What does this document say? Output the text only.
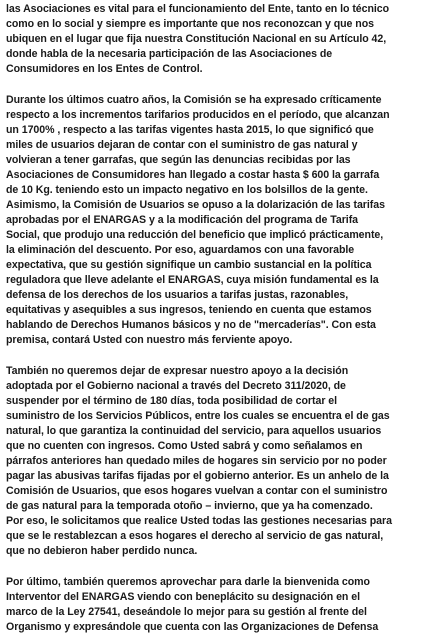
las Asociaciones es vital para el funcionamiento del Ente, tanto en lo técnico
como en lo social y siempre es importante que nos reconozcan y que nos
ubiquen en el lugar que fija nuestra Constitución Nacional en su Artículo 42,
donde habla de la necesaria participación de las Asociaciones de
Consumidores en los Entes de Control.

Durante los últimos cuatro años, la Comisión se ha expresado críticamente
respecto a los incrementos tarifarios producidos en el período, que alcanzan
un 1700% , respecto a las tarifas vigentes hasta 2015, lo que significó que
miles de usuarios dejaran de contar con el suministro de gas natural y
volvieran a tener garrafas, que según las denuncias recibidas por las
Asociaciones de Consumidores han llegado a costar hasta $ 600 la garrafa
de 10 Kg. teniendo esto un impacto negativo en los bolsillos de la gente.
Asimismo, la Comisión de Usuarios se opuso a la dolarización de las tarifas
aprobadas por el ENARGAS y a la modificación del programa de Tarifa
Social, que produjo una reducción del beneficio que implicó prácticamente,
la eliminación del descuento. Por eso, aguardamos con una favorable
expectativa, que su gestión signifique un cambio sustancial en la política
reguladora que lleve adelante el ENARGAS, cuya misión fundamental es la
defensa de los derechos de los usuarios a tarifas justas, razonables,
equitativas y asequibles a sus ingresos, teniendo en cuenta que estamos
hablando de Derechos Humanos básicos y no de "mercaderías". Con esta
premisa, contará Usted con nuestro más ferviente apoyo.

También no queremos dejar de expresar nuestro apoyo a la decisión
adoptada por el Gobierno nacional a través del Decreto 311/2020, de
suspender por el término de 180 días, toda posibilidad de cortar el
suministro de los Servicios Públicos, entre los cuales se encuentra el de gas
natural, lo que garantiza la continuidad del servicio, para aquellos usuarios
que no cuenten con ingresos. Como Usted sabrá y como señalamos en
párrafos anteriores han quedado miles de hogares sin servicio por no poder
pagar las abusivas tarifas fijadas por el gobierno anterior. Es un anhelo de la
Comisión de Usuarios, que esos hogares vuelvan a contar con el suministro
de gas natural para la temporada otoño – invierno, que ya ha comenzado.
Por eso, le solicitamos que realice Usted todas las gestiones necesarias para
que se le restablezcan a esos hogares el derecho al servicio de gas natural,
que no debieron haber perdido nunca.

Por último, también queremos aprovechar para darle la bienvenida como
Interventor del ENARGAS viendo con beneplácito su designación en el
marco de la Ley 27541, deseándole lo mejor para su gestión al frente del
Organismo y expresándole que cuenta con las Organizaciones de Defensa
